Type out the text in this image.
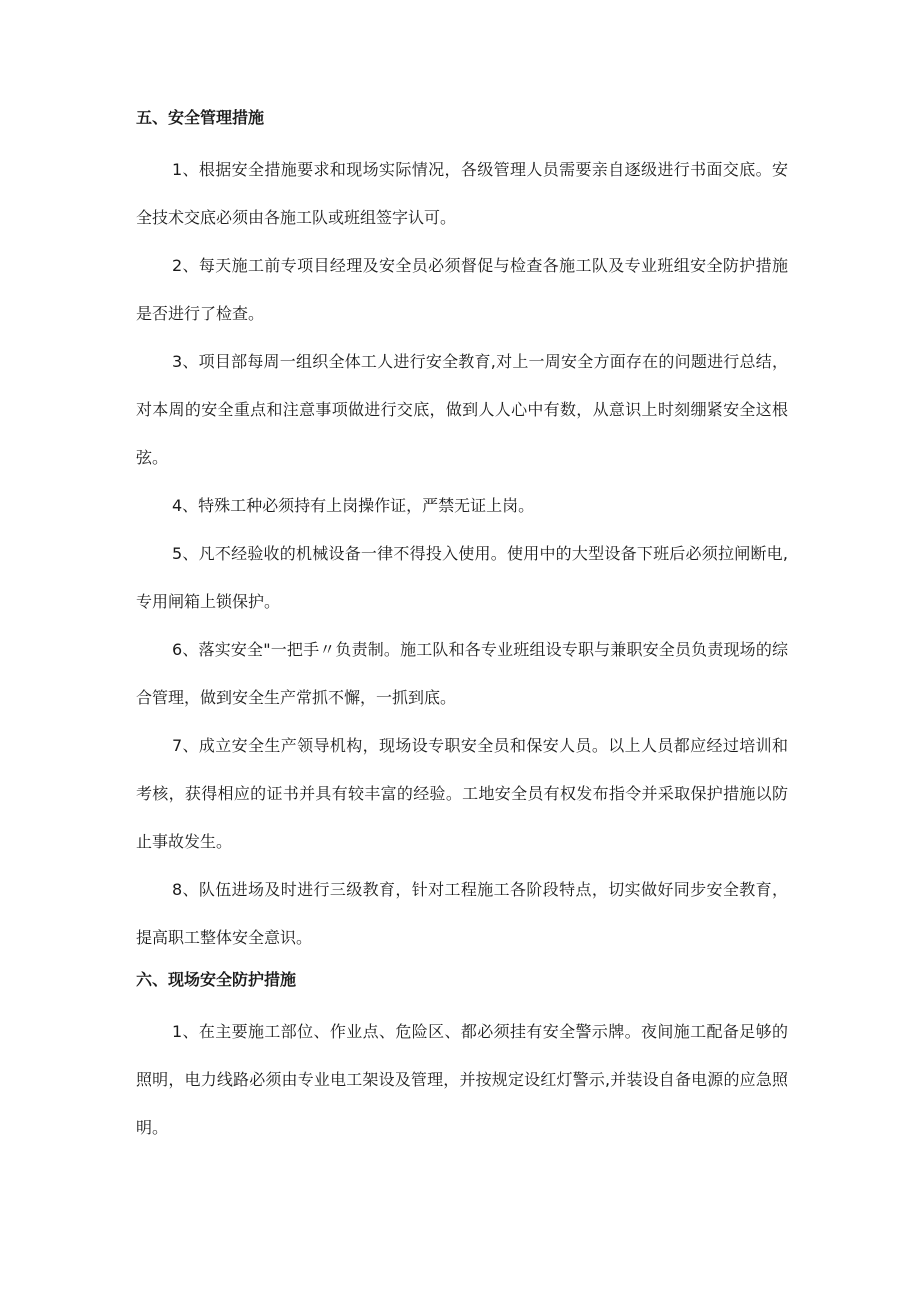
五、安全管理措施

1、根据安全措施要求和现场实际情况，各级管理人员需要亲自逐级进行书面交底。安全技术交底必须由各施工队或班组签字认可。

2、每天施工前专项目经理及安全员必须督促与检查各施工队及专业班组安全防护措施是否进行了检查。

3、项目部每周一组织全体工人进行安全教育,对上一周安全方面存在的问题进行总结，对本周的安全重点和注意事项做进行交底，做到人人心中有数，从意识上时刻绷紧安全这根弦。

4、特殊工种必须持有上岗操作证，严禁无证上岗。

5、凡不经验收的机械设备一律不得投入使用。使用中的大型设备下班后必须拉闸断电,专用闸箱上锁保护。

6、落实安全"一把手〃负责制。施工队和各专业班组设专职与兼职安全员负责现场的综合管理，做到安全生产常抓不懈，一抓到底。

7、成立安全生产领导机构，现场设专职安全员和保安人员。以上人员都应经过培训和考核，获得相应的证书并具有较丰富的经验。工地安全员有权发布指令并采取保护措施以防止事故发生。

8、队伍进场及时进行三级教育，针对工程施工各阶段特点，切实做好同步安全教育，提高职工整体安全意识。

六、现场安全防护措施

1、在主要施工部位、作业点、危险区、都必须挂有安全警示牌。夜间施工配备足够的照明，电力线路必须由专业电工架设及管理，并按规定设红灯警示,并装设自备电源的应急照明。
